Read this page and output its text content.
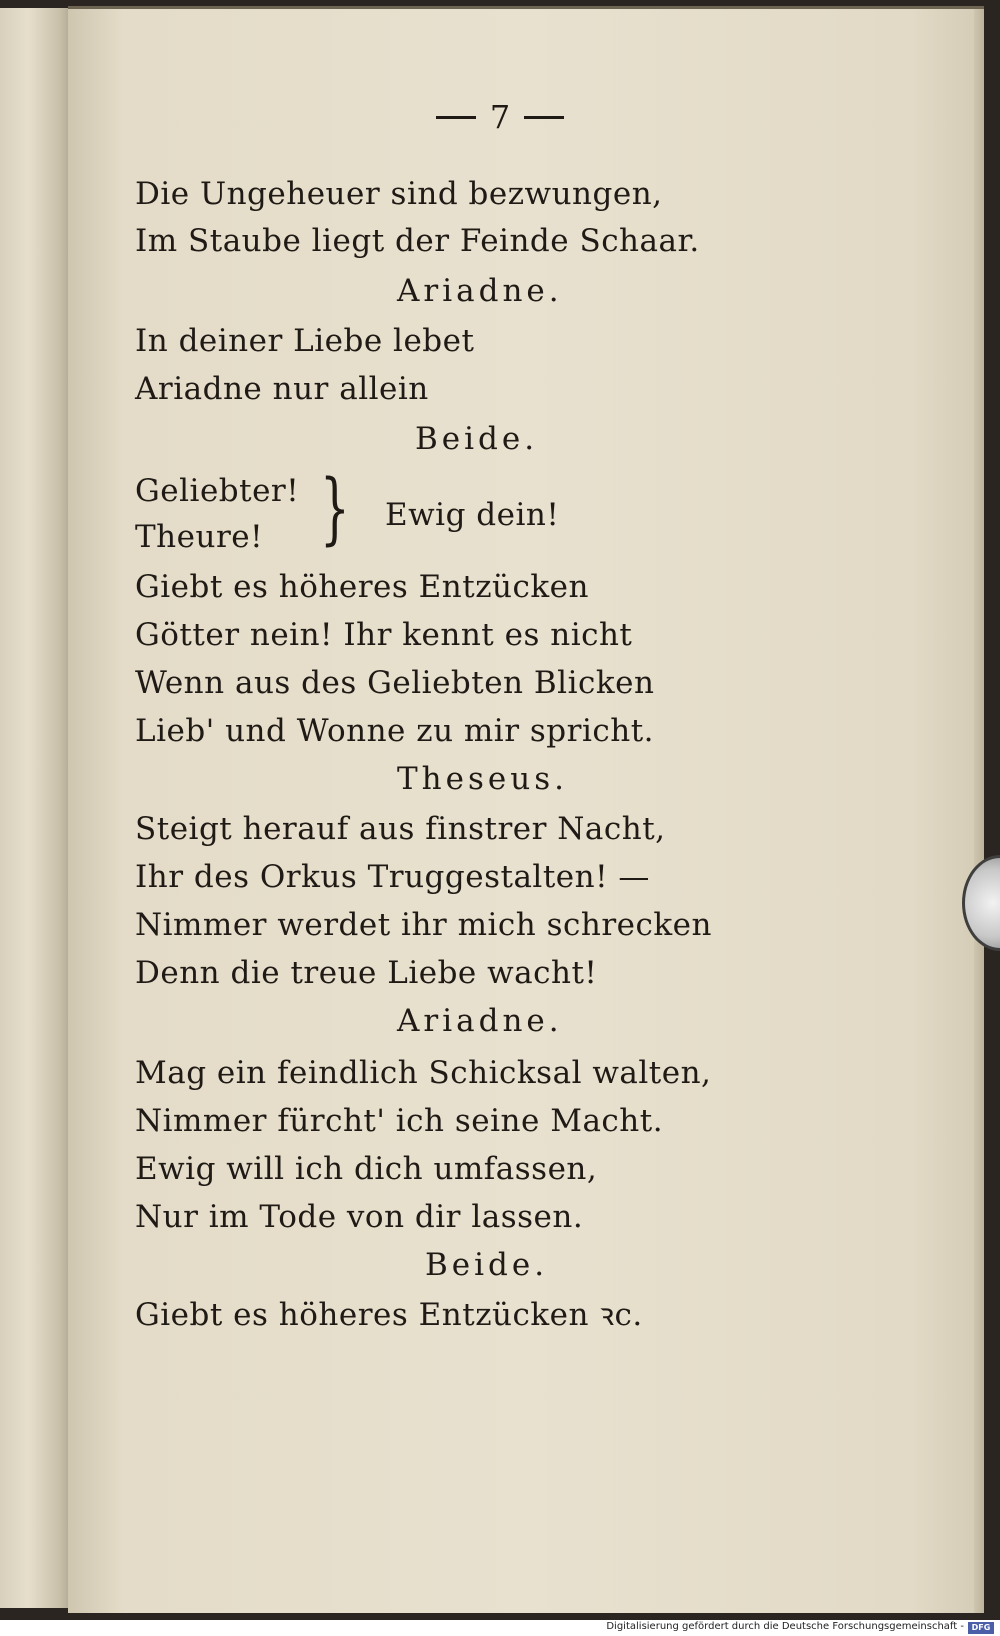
7
Die Ungeheuer sind bezwungen,
Im Staube liegt der Feinde Schaar.
Ariadne.
In deiner Liebe lebet
Ariadne nur allein
Beide.
Geliebter!
Theure! } Ewig dein!
Giebt es höheres Entzücken
Götter nein! Ihr kennt es nicht
Wenn aus des Geliebten Blicken
Lieb' und Wonne zu mir spricht.
Theseus.
Steigt herauf aus finstrer Nacht,
Ihr des Orkus Truggestalten! —
Nimmer werdet ihr mich schrecken
Denn die treue Liebe wacht!
Ariadne.
Mag ein feindlich Schicksal walten,
Nimmer fürcht' ich seine Macht.
Ewig will ich dich umfassen,
Nur im Tode von dir lassen.
Beide.
Giebt es höheres Entzücken ꝛc.
Digitalisierung gefördert durch die Deutsche Forschungsgemeinschaft - DFG
